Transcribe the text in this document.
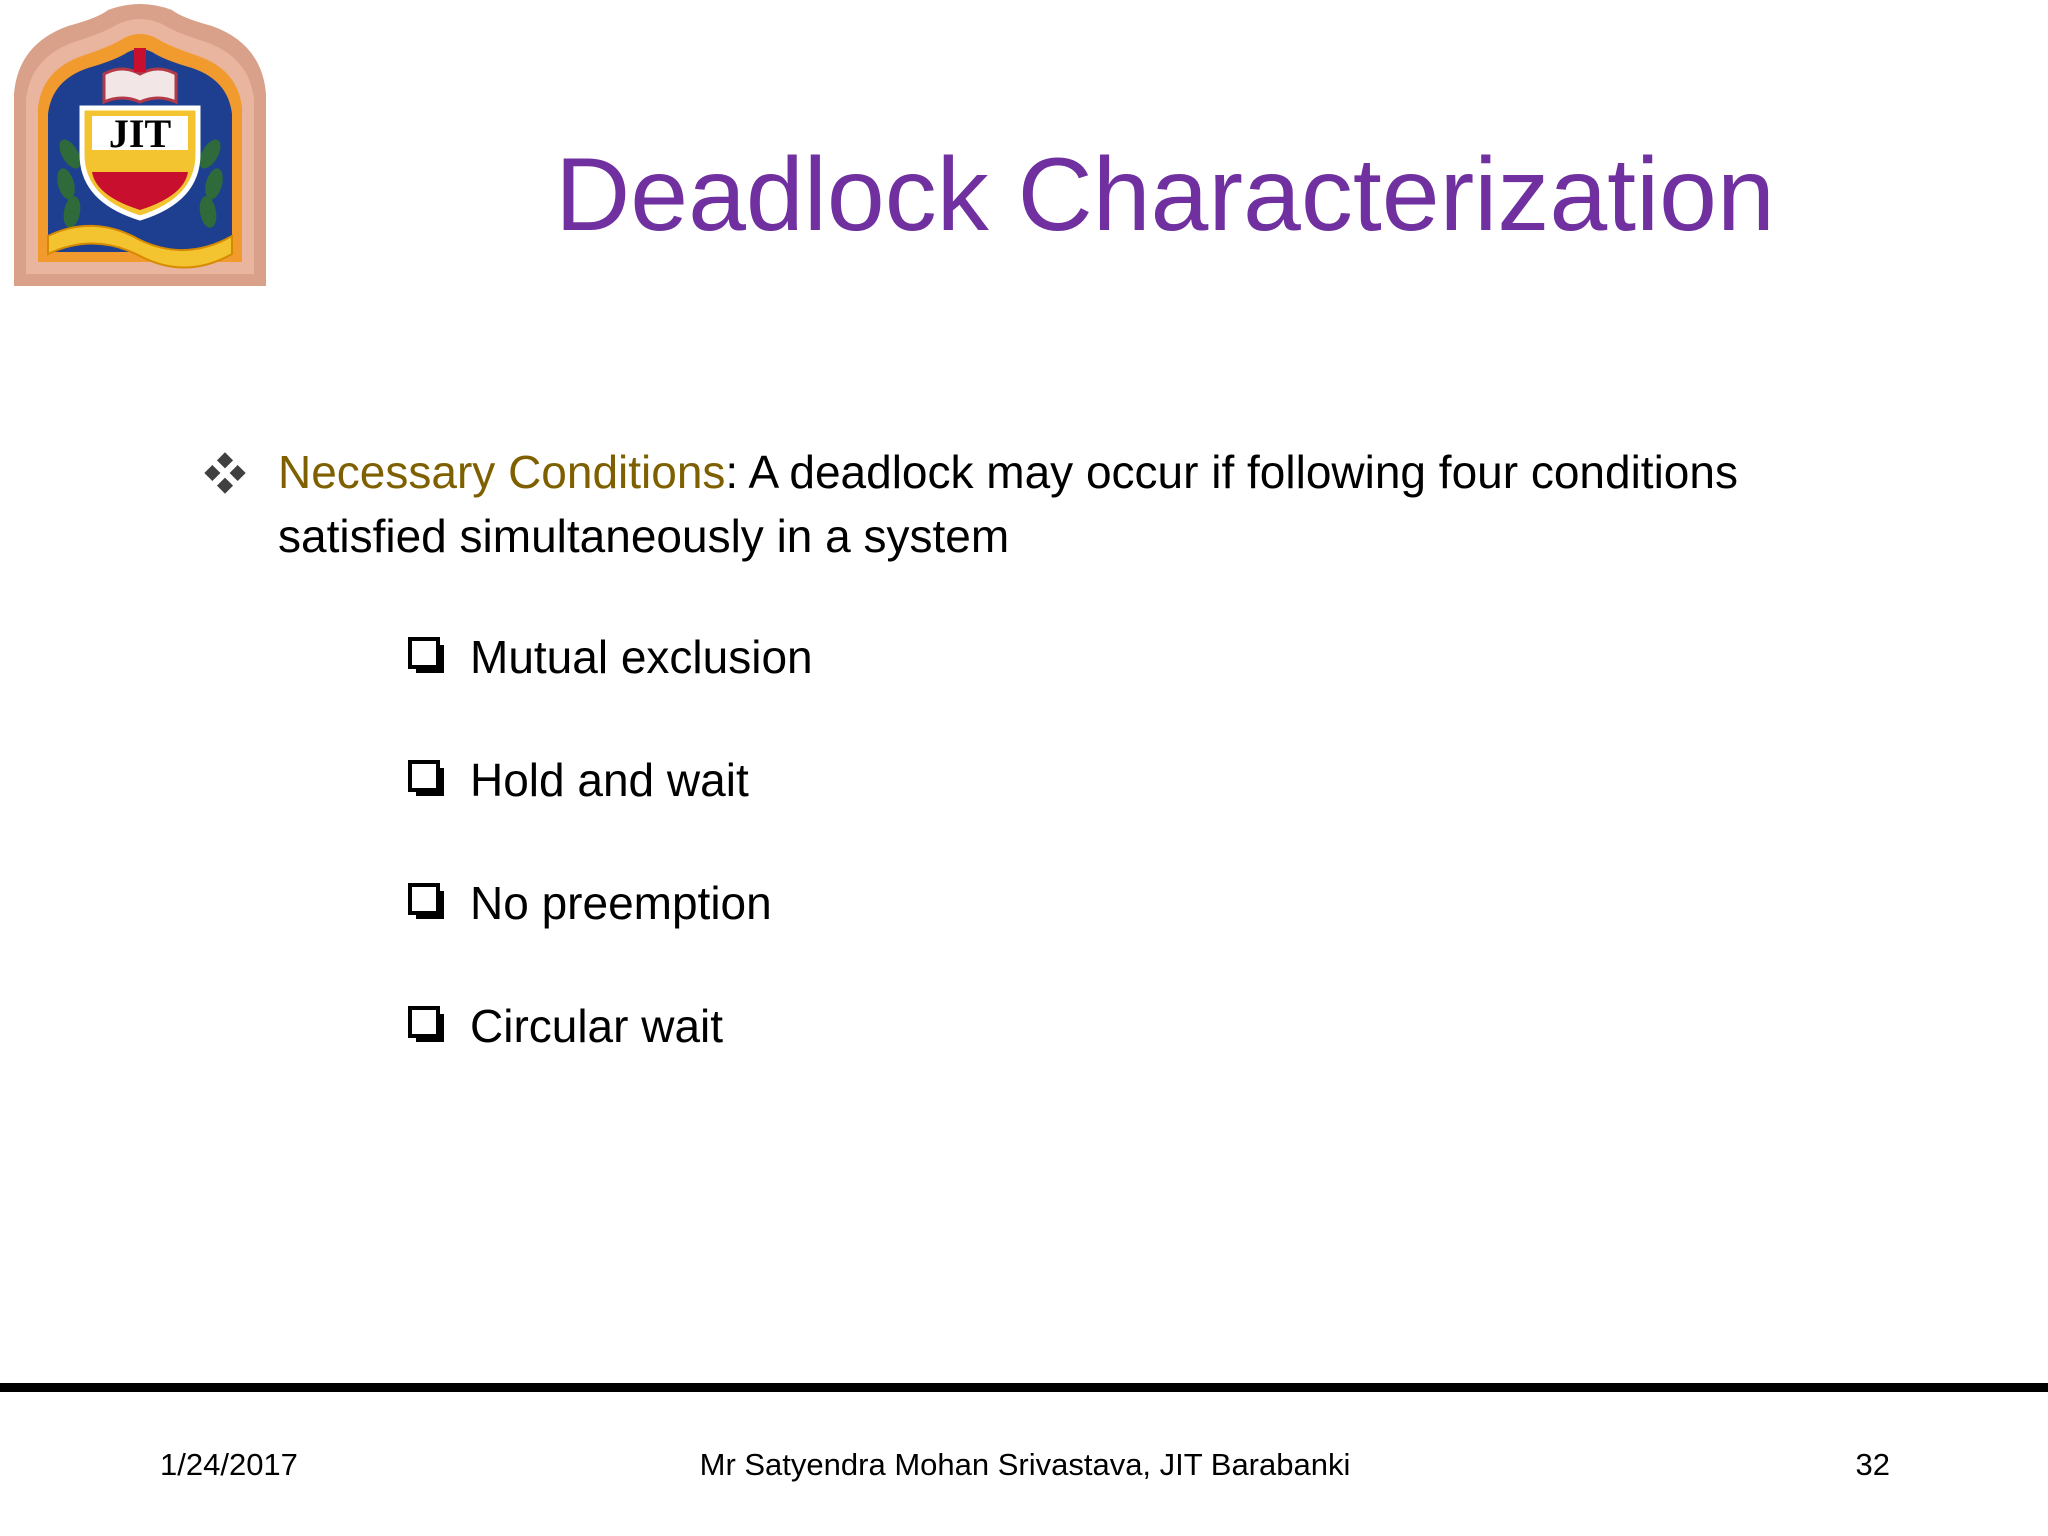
JIT
Deadlock Characterization
Necessary Conditions: A deadlock may occur if following four conditions
satisfied simultaneously in a system
Mutual exclusion
Hold and wait
No preemption
Circular wait
1/24/2017	Mr Satyendra Mohan Srivastava, JIT Barabanki	32
